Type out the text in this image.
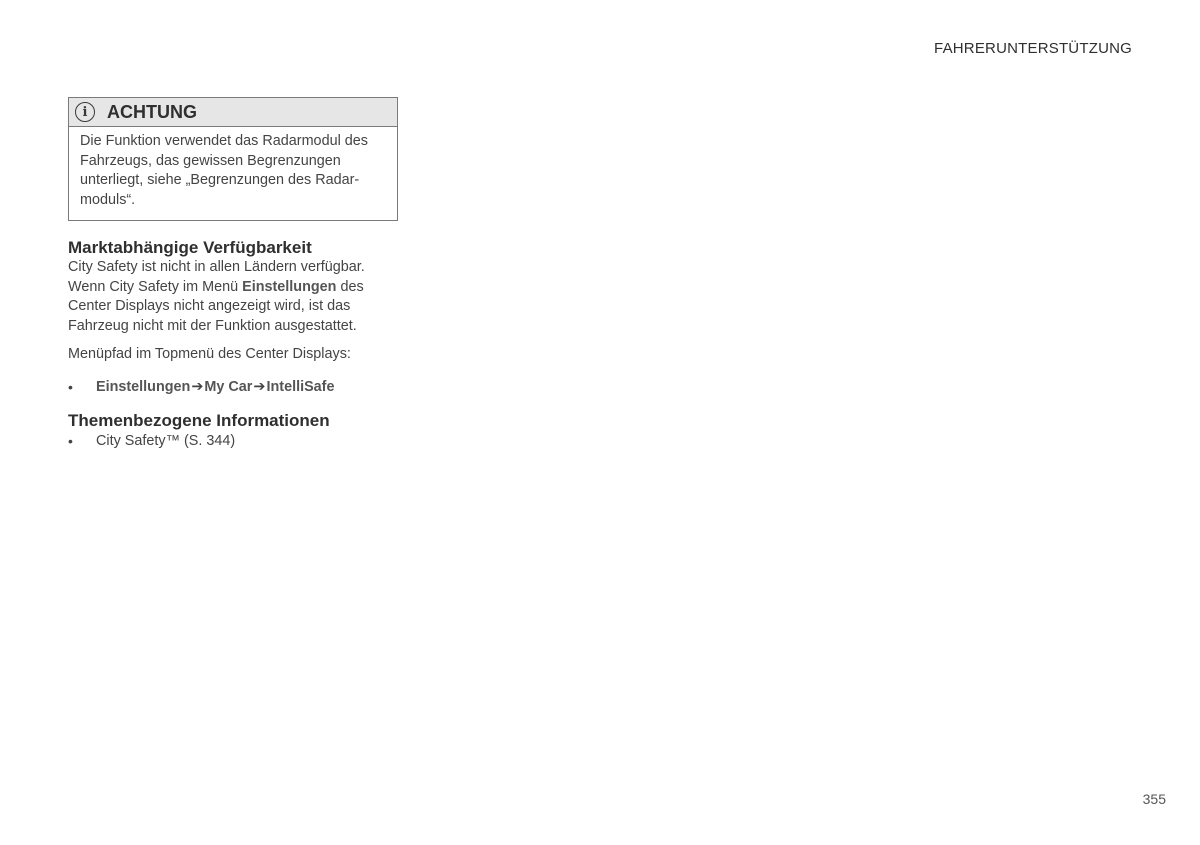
FAHRERUNTERSTÜTZUNG
i	ACHTUNG
Die Funktion verwendet das Radarmodul des
Fahrzeugs, das gewissen Begrenzungen
unterliegt, siehe „Begrenzungen des Radar-
moduls“.
Marktabhängige Verfügbarkeit

City Safety ist nicht in allen Ländern verfügbar.
Wenn City Safety im Menü Einstellungen des
Center Displays nicht angezeigt wird, ist das
Fahrzeug nicht mit der Funktion ausgestattet.

Menüpfad im Topmenü des Center Displays:

•	Einstellungen➔My Car➔IntelliSafe
Themenbezogene Informationen
•	City Safety™ (S. 344)
355
